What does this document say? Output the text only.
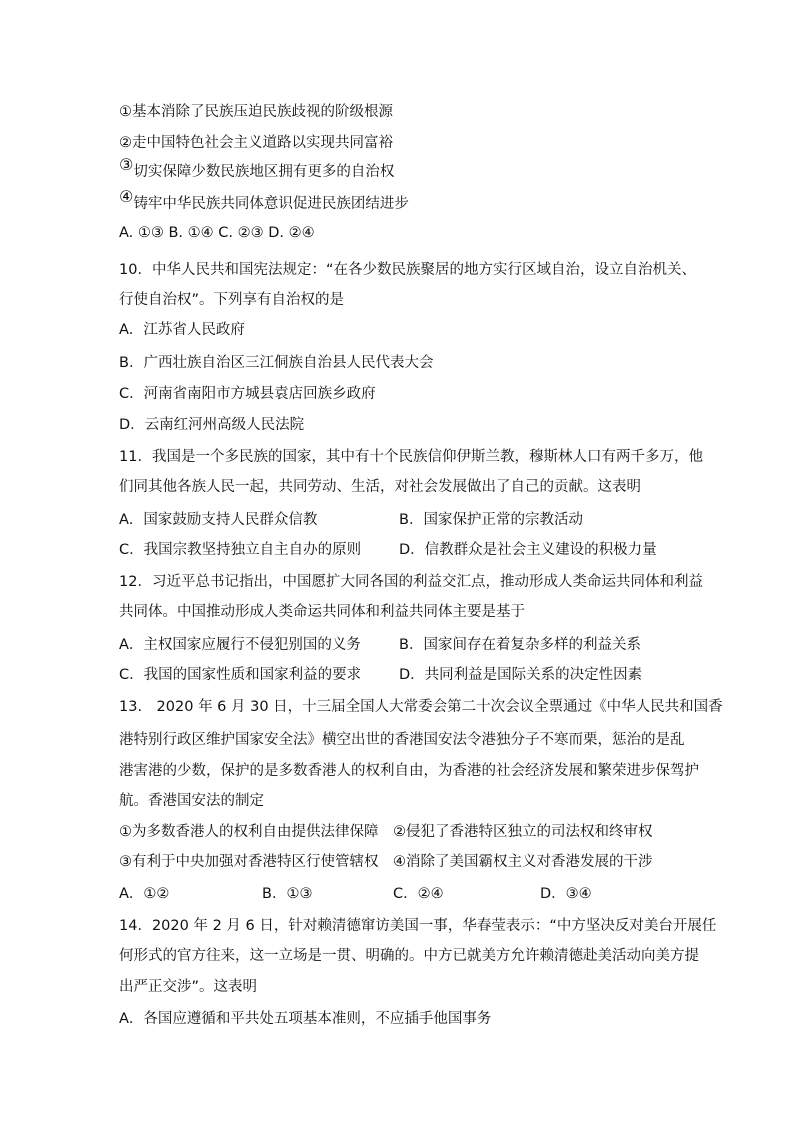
①基本消除了民族压迫民族歧视的阶级根源
②走中国特色社会主义道路以实现共同富裕
③切实保障少数民族地区拥有更多的自治权
④铸牢中华民族共同体意识促进民族团结进步
A. ①③ B. ①④ C. ②③ D. ②④
10．中华人民共和国宪法规定：“在各少数民族聚居的地方实行区域自治，设立自治机关、
行使自治权”。下列享有自治权的是
A．江苏省人民政府
B．广西壮族自治区三江侗族自治县人民代表大会
C．河南省南阳市方城县袁店回族乡政府
D．云南红河州高级人民法院
11．我国是一个多民族的国家，其中有十个民族信仰伊斯兰教，穆斯林人口有两千多万，他
们同其他各族人民一起，共同劳动、生活，对社会发展做出了自己的贡献。这表明
A．国家鼓励支持人民群众信教	B．国家保护正常的宗教活动
C．我国宗教坚持独立自主自办的原则	D．信教群众是社会主义建设的积极力量
12．习近平总书记指出，中国愿扩大同各国的利益交汇点，推动形成人类命运共同体和利益
共同体。中国推动形成人类命运共同体和利益共同体主要是基于
A．主权国家应履行不侵犯别国的义务	B．国家间存在着复杂多样的利益关系
C．我国的国家性质和国家利益的要求	D．共同利益是国际关系的决定性因素
13.　2020 年 6 月 30 日，十三届全国人大常委会第二十次会议全票通过《中华人民共和国香
港特别行政区维护国家安全法》横空出世的香港国安法令港独分子不寒而栗，惩治的是乱
港害港的少数，保护的是多数香港人的权利自由，为香港的社会经济发展和繁荣进步保驾护
航。香港国安法的制定
①为多数香港人的权利自由提供法律保障 ②侵犯了香港特区独立的司法权和终审权
③有利于中央加强对香港特区行使管辖权 ④消除了美国霸权主义对香港发展的干涉
A．①②	B．①③	C．②④	D．③④
14．2020 年 2 月 6 日，针对赖清德窜访美国一事，华春莹表示：“中方坚决反对美台开展任
何形式的官方往来，这一立场是一贯、明确的。中方已就美方允许赖清德赴美活动向美方提
出严正交涉”。这表明
A．各国应遵循和平共处五项基本准则，不应插手他国事务
